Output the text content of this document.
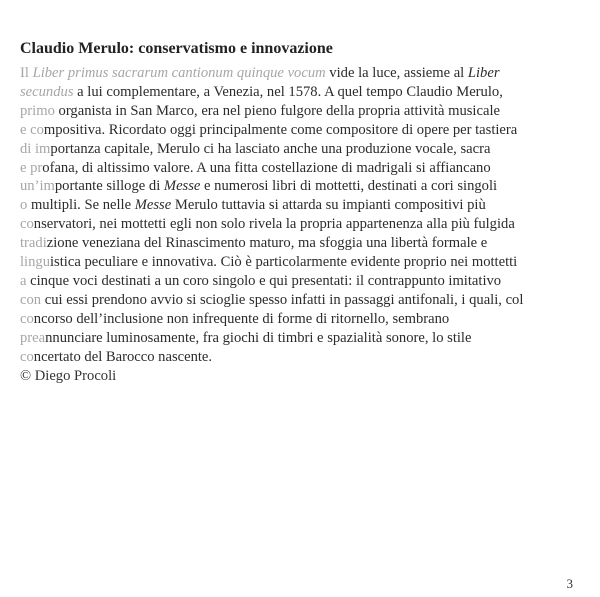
Claudio Merulo: conservatismo e innovazione
Il Liber primus sacrarum cantionum quinque vocum vide la luce, assieme al Liber
secundus a lui complementare, a Venezia, nel 1578. A quel tempo Claudio Merulo,
primo organista in San Marco, era nel pieno fulgore della propria attività musicale
e compositiva. Ricordato oggi principalmente come compositore di opere per tastiera
di importanza capitale, Merulo ci ha lasciato anche una produzione vocale, sacra
e profana, di altissimo valore. A una fitta costellazione di madrigali si affiancano
un’importante silloge di Messe e numerosi libri di mottetti, destinati a cori singoli
o multipli. Se nelle Messe Merulo tuttavia si attarda su impianti compositivi più
conservatori, nei mottetti egli non solo rivela la propria appartenenza alla più fulgida
tradizione veneziana del Rinascimento maturo, ma sfoggia una libertà formale e
linguistica peculiare e innovativa. Ciò è particolarmente evidente proprio nei mottetti
a cinque voci destinati a un coro singolo e qui presentati: il contrappunto imitativo
con cui essi prendono avvio si scioglie spesso infatti in passaggi antifonali, i quali, col
concorso dell’inclusione non infrequente di forme di ritornello, sembrano
preannunciare luminosamente, fra giochi di timbri e spazialità sonore, lo stile
concertato del Barocco nascente.
© Diego Procoli
3
